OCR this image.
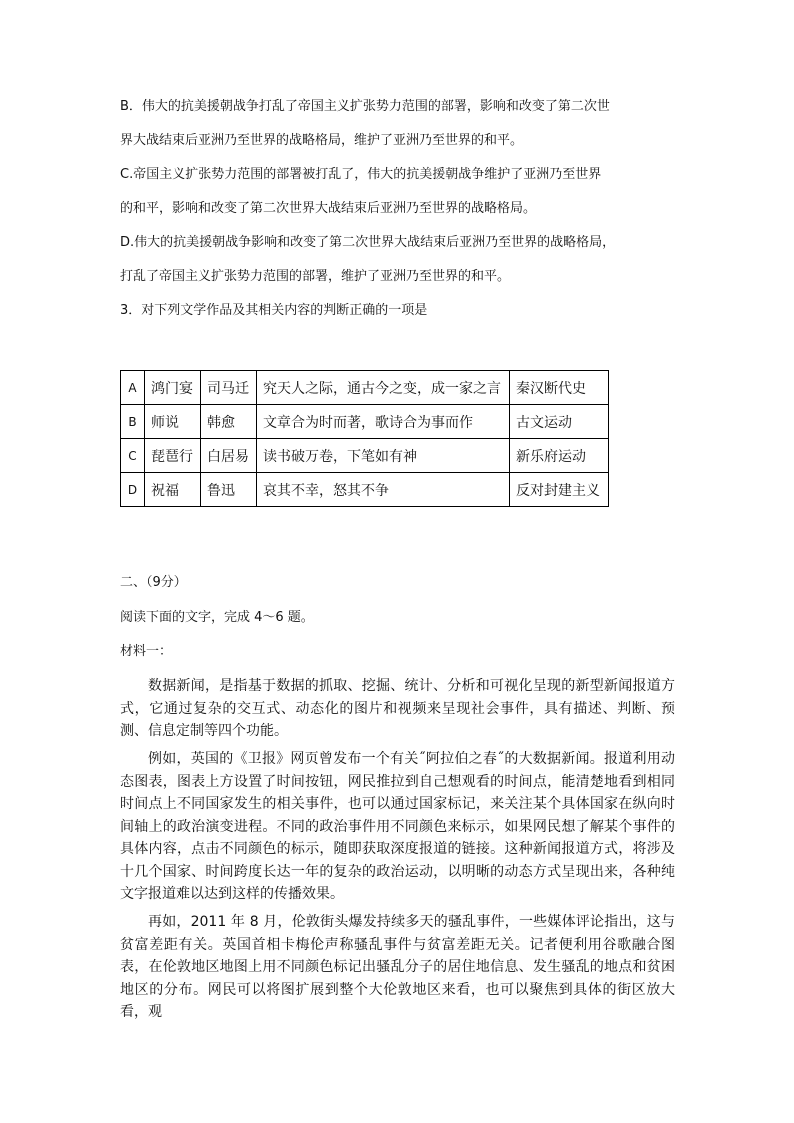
B．伟大的抗美援朝战争打乱了帝国主义扩张势力范围的部署，影响和改变了第二次世
界大战结束后亚洲乃至世界的战略格局，维护了亚洲乃至世界的和平。
C.帝国主义扩张势力范围的部署被打乱了，伟大的抗美援朝战争维护了亚洲乃至世界
的和平，影响和改变了第二次世界大战结束后亚洲乃至世界的战略格局。
D.伟大的抗美援朝战争影响和改变了第二次世界大战结束后亚洲乃至世界的战略格局，
打乱了帝国主义扩张势力范围的部署，维护了亚洲乃至世界的和平。
3．对下列文学作品及其相关内容的判断正确的一项是
A	鸿门宴	司马迁	究天人之际，通古今之变，成一家之言	秦汉断代史
B	师说	韩愈	文章合为时而著，歌诗合为事而作	古文运动
C	琵琶行	白居易	读书破万卷，下笔如有神	新乐府运动
D	祝福	鲁迅	哀其不幸，怒其不争	反对封建主义
二、（9分）
阅读下面的文字，完成 4～6 题。
材料一：
数据新闻，是指基于数据的抓取、挖掘、统计、分析和可视化呈现的新型新闻报道方式，它通过复杂的交互式、动态化的图片和视频来呈现社会事件，具有描述、判断、预测、信息定制等四个功能。
例如，英国的《卫报》网页曾发布一个有关˝阿拉伯之春˝的大数据新闻。报道利用动态图表，图表上方设置了时间按钮，网民推拉到自己想观看的时间点，能清楚地看到相同时间点上不同国家发生的相关事件，也可以通过国家标记，来关注某个具体国家在纵向时间轴上的政治演变进程。不同的政治事件用不同颜色来标示，如果网民想了解某个事件的具体内容，点击不同颜色的标示，随即获取深度报道的链接。这种新闻报道方式，将涉及十几个国家、时间跨度长达一年的复杂的政治运动，以明晰的动态方式呈现出来，各种纯文字报道难以达到这样的传播效果。
再如，2011 年 8 月，伦敦街头爆发持续多天的骚乱事件，一些媒体评论指出，这与贫富差距有关。英国首相卡梅伦声称骚乱事件与贫富差距无关。记者便利用谷歌融合图表，在伦敦地区地图上用不同颜色标记出骚乱分子的居住地信息、发生骚乱的地点和贫困地区的分布。网民可以将图扩展到整个大伦敦地区来看，也可以聚焦到具体的街区放大看，观
